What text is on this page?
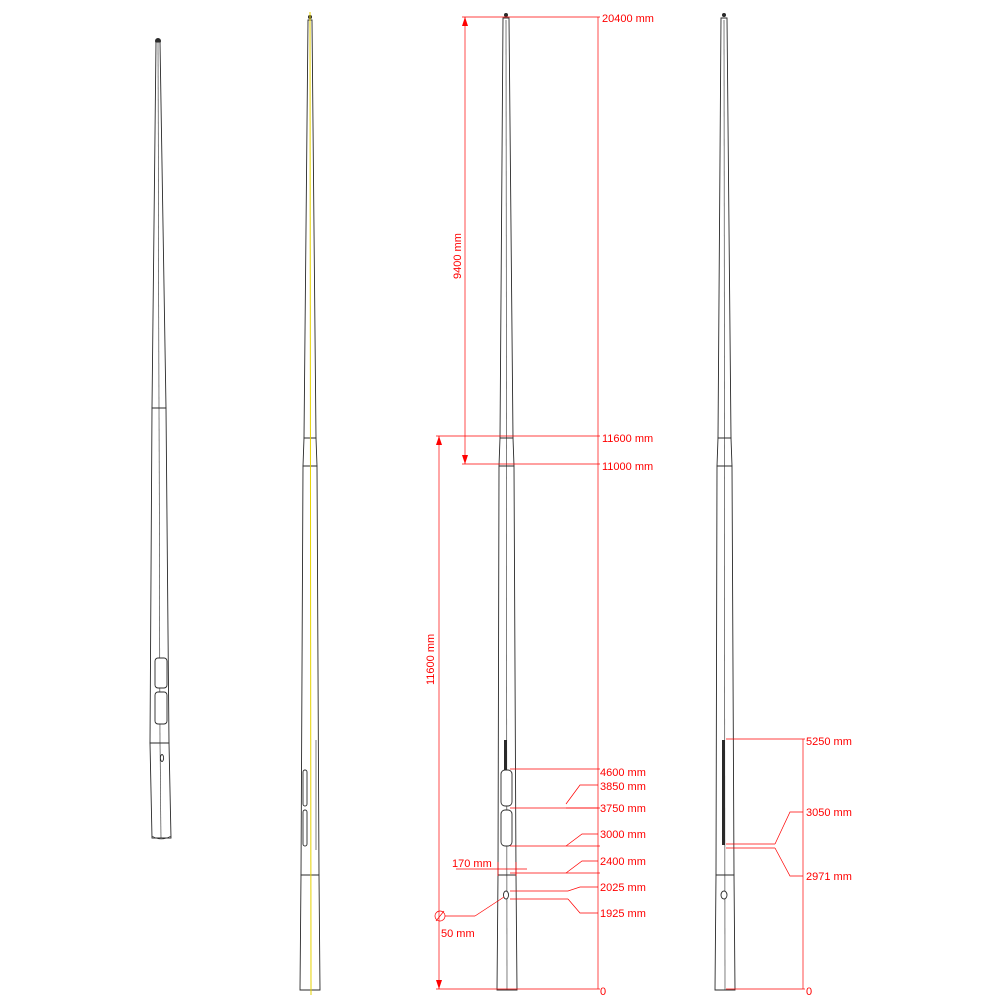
20400 mm
11600 mm
11000 mm
9400 mm
11600 mm
4600 mm
3850 mm
3750 mm
3000 mm
2400 mm
2025 mm
1925 mm
170 mm
50 mm
0
5250 mm
3050 mm
2971 mm
0
